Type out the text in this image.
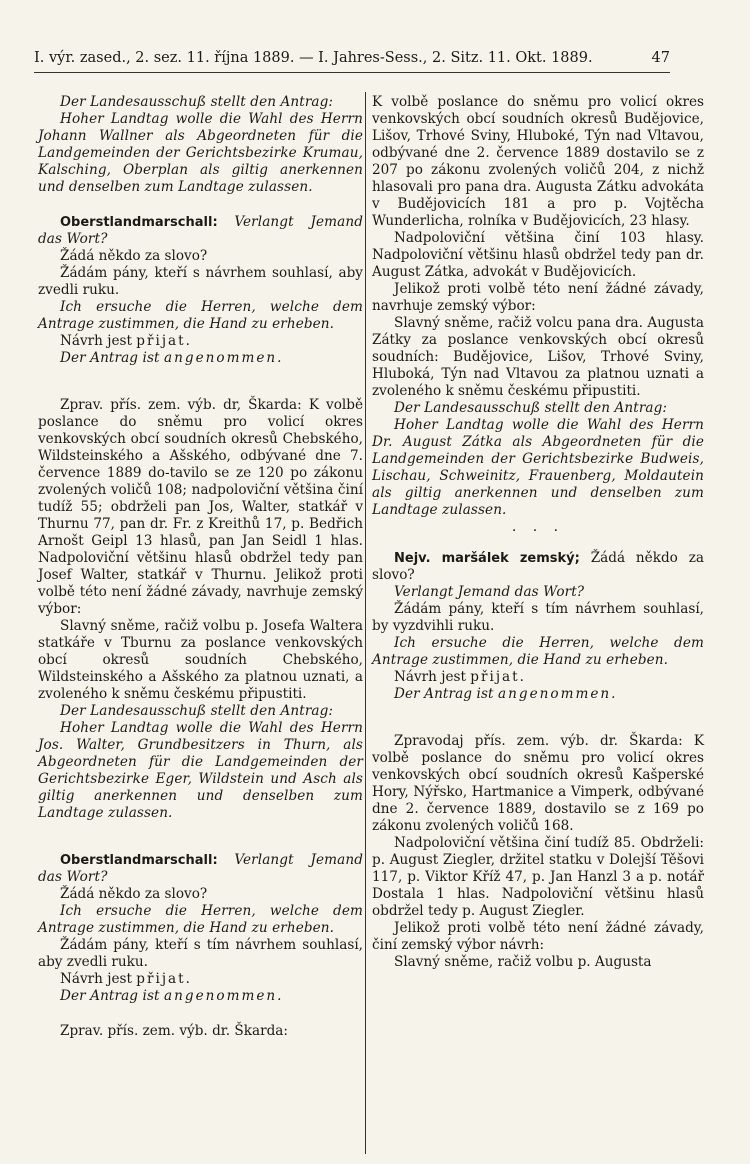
I. výr. zased., 2. sez. 11. října 1889. — I. Jahres-Sess., 2. Sitz. 11. Okt. 1889.	47

Der Landesausschuß stellt den Antrag:

Hoher Landtag wolle die Wahl des Herrn Johann Wallner als Abgeordneten für die Landgemeinden der Gerichtsbezirke Krumau, Kalsching, Oberplan als giltig anerkennen und denselben zum Landtage zulassen.

Oberstlandmarschall: Verlangt Jemand das Wort?

Žádá někdo za slovo?

Žádám pány, kteří s návrhem souhlasí, aby zvedli ruku.

Ich ersuche die Herren, welche dem Antrage zustimmen, die Hand zu erheben.

Návrh jest přijat.

Der Antrag ist angenommen.

Zprav. přís. zem. výb. dr, Škarda: K volbě poslance do sněmu pro volicí okres venkovských obcí soudních okresů Chebského, Wildsteinského a Ašského, odbývané dne 7. července 1889 do-tavilo se ze 120 po zákonu zvolených voličů 108; nadpoloviční většina činí tudíž 55; obdrželi pan Jos, Walter, statkář v Thurnu 77, pan dr. Fr. z Kreithů 17, p. Bedřich Arnošt Geipl 13 hlasů, pan Jan Seidl 1 hlas. Nadpoloviční většinu hlasů obdržel tedy pan Josef Walter, statkář v Thurnu. Jelikož proti volbě této není žádné závady, navrhuje zemský výbor:

Slavný sněme, račiž volbu p. Josefa Waltera statkáře v Tburnu za poslance venkovských obcí okresů soudních Chebského, Wildsteinského a Ašského za platnou uznati, a zvoleného k sněmu českému připustiti.

Der Landesausschuß stellt den Antrag:

Hoher Landtag wolle die Wahl des Herrn Jos. Walter, Grundbesitzers in Thurn, als Abgeordneten für die Landgemeinden der Gerichtsbezirke Eger, Wildstein und Asch als giltig anerkennen und denselben zum Landtage zulassen.

Oberstlandmarschall: Verlangt Jemand das Wort?

Žádá někdo za slovo?

Ich ersuche die Herren, welche dem Antrage zustimmen, die Hand zu erheben.

Žádám pány, kteří s tím návrhem souhlasí, aby zvedli ruku.

Návrh jest přijat.

Der Antrag ist angenommen.

Zprav. přís. zem. výb. dr. Škarda:

K volbě poslance do sněmu pro volicí okres venkovských obcí soudních okresů Budějovice, Lišov, Trhové Sviny, Hluboké, Týn nad Vltavou, odbývané dne 2. července 1889 dostavilo se z 207 po zákonu zvolených voličů 204, z nichž hlasovali pro pana dra. Augusta Zátku advokáta v Budějovicích 181 a pro p. Vojtěcha Wunderlicha, rolníka v Budějovicích, 23 hlasy.

Nadpoloviční většina činí 103 hlasy. Nadpoloviční většinu hlasů obdržel tedy pan dr. August Zátka, advokát v Budějovicích.

Jelikož proti volbě této není žádné závady, navrhuje zemský výbor:

Slavný sněme, račiž volcu pana dra. Augusta Zátky za poslance venkovských obcí okresů soudních: Budějovice, Lišov, Trhové Sviny, Hluboká, Týn nad Vltavou za platnou uznati a zvoleného k sněmu českému připustiti.

Der Landesausschuß stellt den Antrag:

Hoher Landtag wolle die Wahl des Herrn Dr. August Zátka als Abgeordneten für die Landgemeinden der Gerichtsbezirke Budweis, Lischau, Schweinitz, Frauenberg, Moldautein als giltig anerkennen und denselben zum Landtage zulassen.

· · ·

Nejv. maršálek zemský; Žádá někdo za slovo?

Verlangt Jemand das Wort?

Žádám pány, kteří s tím návrhem souhlasí, by vyzdvihli ruku.

Ich ersuche die Herren, welche dem Antrage zustimmen, die Hand zu erheben.

Návrh jest přijat.

Der Antrag ist angenommen.

Zpravodaj přís. zem. výb. dr. Škarda: K volbě poslance do sněmu pro volicí okres venkovských obcí soudních okresů Kašperské Hory, Nýřsko, Hartmanice a Vimperk, odbývané dne 2. července 1889, dostavilo se z 169 po zákonu zvolených voličů 168.

Nadpoloviční většina činí tudíž 85. Obdrželi: p. August Ziegler, držitel statku v Dolejší Těšovi 117, p. Viktor Kříž 47, p. Jan Hanzl 3 a p. notář Dostala 1 hlas. Nadpoloviční většinu hlasů obdržel tedy p. August Ziegler.

Jelikož proti volbě této není žádné závady, činí zemský výbor návrh:

Slavný sněme, račiž volbu p. Augusta
